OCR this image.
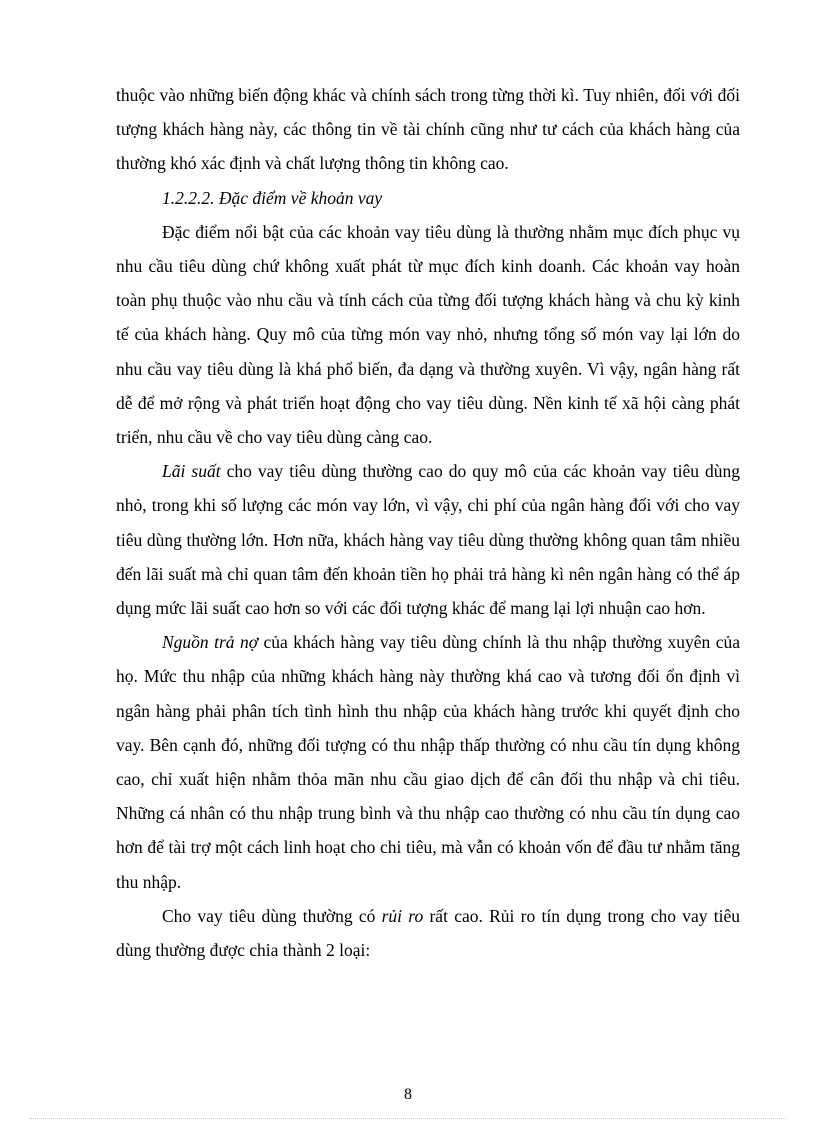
thuộc vào những biến động khác và chính sách trong từng thời kì. Tuy nhiên, đối với đối tượng khách hàng này, các thông tin về tài chính cũng như tư cách của khách hàng của thường khó xác định và chất lượng thông tin không cao.

1.2.2.2. Đặc điểm về khoản vay

Đặc điểm nổi bật của các khoản vay tiêu dùng là thường nhằm mục đích phục vụ nhu cầu tiêu dùng chứ không xuất phát từ mục đích kinh doanh. Các khoản vay hoàn toàn phụ thuộc vào nhu cầu và tính cách của từng đối tượng khách hàng và chu kỳ kinh tế của khách hàng. Quy mô của từng món vay nhỏ, nhưng tổng số món vay lại lớn do nhu cầu vay tiêu dùng là khá phổ biến, đa dạng và thường xuyên. Vì vậy, ngân hàng rất dễ để mở rộng và phát triển hoạt động cho vay tiêu dùng. Nền kinh tế xã hội càng phát triển, nhu cầu về cho vay tiêu dùng càng cao.

Lãi suất cho vay tiêu dùng thường cao do quy mô của các khoản vay tiêu dùng nhỏ, trong khi số lượng các món vay lớn, vì vậy, chi phí của ngân hàng đối với cho vay tiêu dùng thường lớn. Hơn nữa, khách hàng vay tiêu dùng thường không quan tâm nhiều đến lãi suất mà chỉ quan tâm đến khoản tiền họ phải trả hàng kì nên ngân hàng có thể áp dụng mức lãi suất cao hơn so với các đối tượng khác để mang lại lợi nhuận cao hơn.

Nguồn trả nợ của khách hàng vay tiêu dùng chính là thu nhập thường xuyên của họ. Mức thu nhập của những khách hàng này thường khá cao và tương đối ổn định vì ngân hàng phải phân tích tình hình thu nhập của khách hàng trước khi quyết định cho vay. Bên cạnh đó, những đối tượng có thu nhập thấp thường có nhu cầu tín dụng không cao, chỉ xuất hiện nhằm thỏa mãn nhu cầu giao dịch để cân đối thu nhập và chi tiêu. Những cá nhân có thu nhập trung bình và thu nhập cao thường có nhu cầu tín dụng cao hơn để tài trợ một cách linh hoạt cho chi tiêu, mà vẫn có khoản vốn để đầu tư nhằm tăng thu nhập.

Cho vay tiêu dùng thường có rủi ro rất cao. Rủi ro tín dụng trong cho vay tiêu dùng thường được chia thành 2 loại:

8
